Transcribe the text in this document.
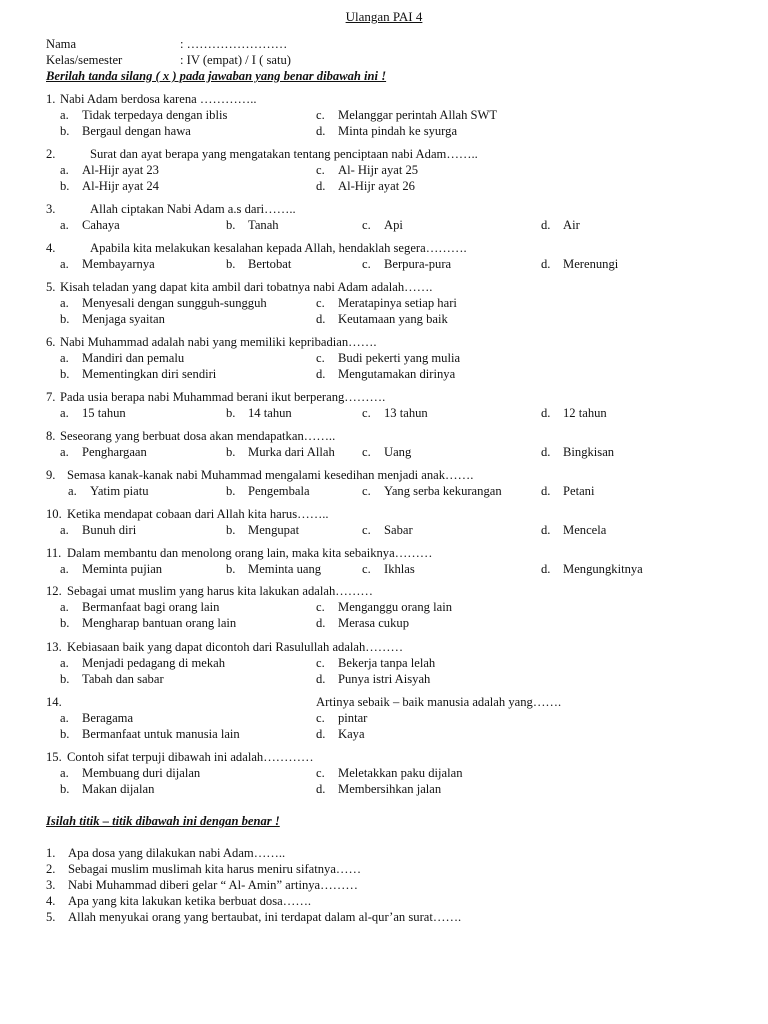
Ulangan PAI 4
Nama	: ……………………
Kelas/semester	: IV (empat) / I ( satu)
Berilah tanda silang ( x ) pada jawaban yang benar dibawah ini !
1. Nabi Adam berdosa karena …………..
a. Tidak terpedaya dengan iblis	c. Melanggar perintah Allah SWT
b. Bergaul dengan hawa	d. Minta pindah ke syurga
2.	Surat dan ayat berapa yang mengatakan tentang penciptaan nabi Adam……..
a. Al-Hijr ayat 23	c. Al- Hijr ayat 25
b. Al-Hijr ayat 24	d. Al-Hijr ayat 26
3.	Allah ciptakan Nabi Adam a.s dari……..
a. Cahaya	b. Tanah	c. Api	d. Air
4.	Apabila kita melakukan kesalahan kepada Allah, hendaklah segera……….
a. Membayarnya	b. Bertobat	c. Berpura-pura	d. Merenungi
5. Kisah teladan yang dapat kita ambil dari tobatnya nabi Adam adalah…….
a. Menyesali dengan sungguh-sungguh	c. Meratapinya setiap hari
b. Menjaga syaitan	d. Keutamaan yang baik
6. Nabi Muhammad adalah nabi yang memiliki kepribadian…….
a. Mandiri dan pemalu	c. Budi pekerti yang mulia
b. Mementingkan diri sendiri	d. Mengutamakan dirinya
7. Pada usia berapa nabi Muhammad berani ikut berperang……….
a. 15 tahun	b. 14 tahun	c. 13 tahun	d. 12 tahun
8. Seseorang yang berbuat dosa akan mendapatkan……..
a. Penghargaan	b. Murka dari Allah c. Uang	d. Bingkisan
9. Semasa kanak-kanak nabi Muhammad mengalami kesedihan menjadi anak…….
a. Yatim piatu	b. Pengembala	c. Yang serba kekurangan	d. Petani
10. Ketika mendapat cobaan dari Allah kita harus……..
a. Bunuh diri	b. Mengupat	c. Sabar	d. Mencela
11. Dalam membantu dan menolong orang lain, maka kita sebaiknya………
a. Meminta pujian	b. Meminta uang	c. Ikhlas	d. Mengungkitnya
12. Sebagai umat muslim yang harus kita lakukan adalah………
a. Bermanfaat bagi orang lain	c. Menganggu orang lain
b. Mengharap bantuan orang lain	d. Merasa cukup
13. Kebiasaan baik yang dapat dicontoh dari Rasulullah adalah………
a. Menjadi pedagang di mekah	c. Bekerja tanpa lelah
b. Tabah dan sabar	d. Punya istri Aisyah
14.	Artinya sebaik – baik manusia adalah yang…….
a. Beragama	c. pintar
b. Bermanfaat untuk manusia lain	d. Kaya
15. Contoh sifat terpuji dibawah ini adalah…………
a. Membuang duri dijalan	c. Meletakkan paku dijalan
b. Makan dijalan	d. Membersihkan jalan
Isilah titik – titik dibawah ini dengan benar !
1. Apa dosa yang dilakukan nabi Adam……..
2. Sebagai muslim muslimah kita harus meniru sifatnya……
3. Nabi Muhammad diberi gelar “ Al- Amin” artinya………
4. Apa yang kita lakukan ketika berbuat dosa…….
5. Allah menyukai orang yang bertaubat, ini terdapat dalam al-qur’an surat…….
